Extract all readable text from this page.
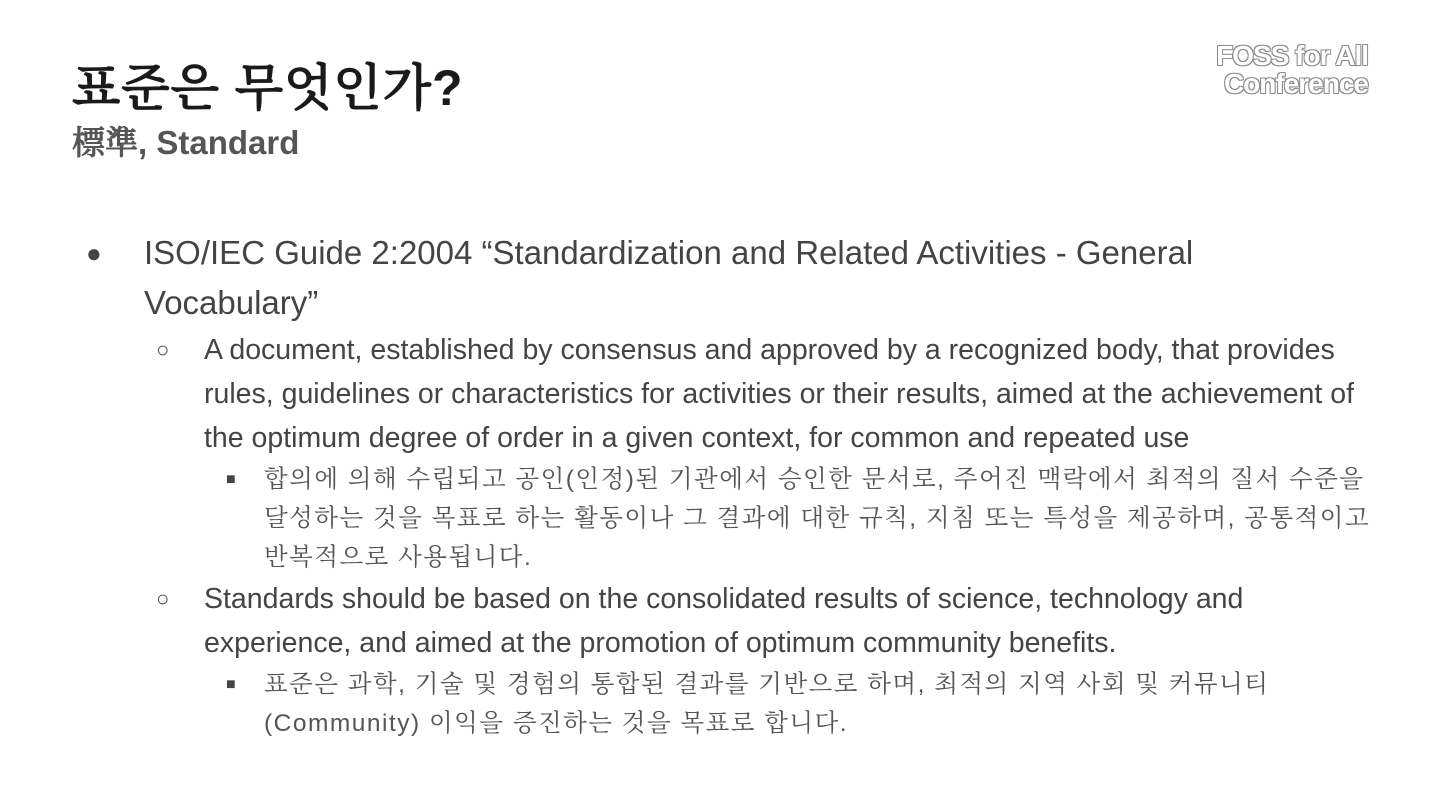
표준은 무엇인가?
標準, Standard
FOSS for All
Conference
● ISO/IEC Guide 2:2004 “Standardization and Related Activities - General Vocabulary”
○ A document, established by consensus and approved by a recognized body, that provides rules, guidelines or characteristics for activities or their results, aimed at the achievement of the optimum degree of order in a given context, for common and repeated use
■ 합의에 의해 수립되고 공인(인정)된 기관에서 승인한 문서로, 주어진 맥락에서 최적의 질서 수준을 달성하는 것을 목표로 하는 활동이나 그 결과에 대한 규칙, 지침 또는 특성을 제공하며, 공통적이고 반복적으로 사용됩니다.
○ Standards should be based on the consolidated results of science, technology and experience, and aimed at the promotion of optimum community benefits.
■ 표준은 과학, 기술 및 경험의 통합된 결과를 기반으로 하며, 최적의 지역 사회 및 커뮤니티(Community) 이익을 증진하는 것을 목표로 합니다.
